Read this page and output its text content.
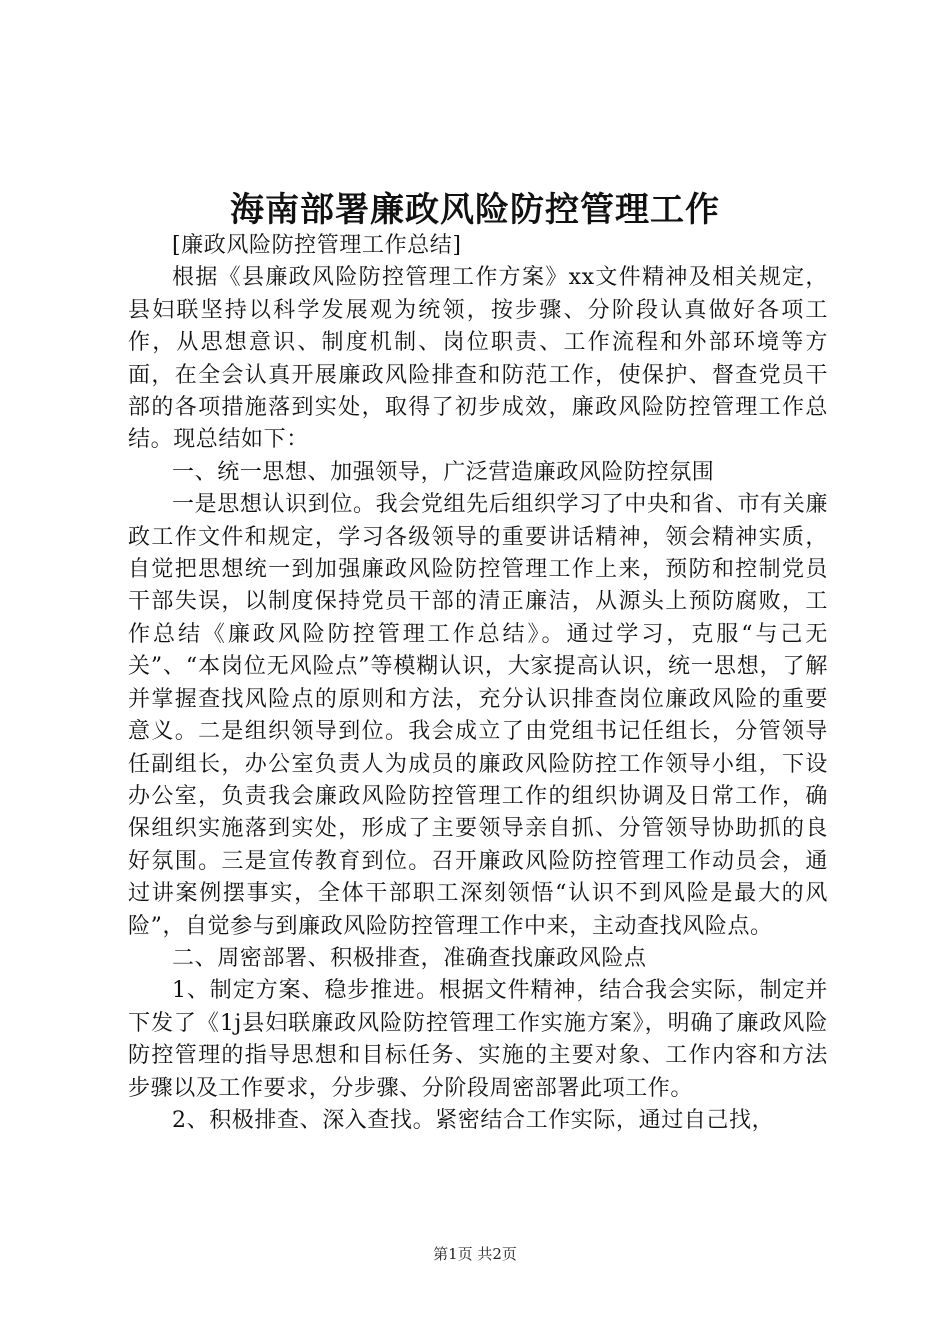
海南部署廉政风险防控管理工作

[廉政风险防控管理工作总结]

根据《县廉政风险防控管理工作方案》xx文件精神及相关规定，县妇联坚持以科学发展观为统领，按步骤、分阶段认真做好各项工作，从思想意识、制度机制、岗位职责、工作流程和外部环境等方面，在全会认真开展廉政风险排查和防范工作，使保护、督查党员干部的各项措施落到实处，取得了初步成效，廉政风险防控管理工作总结。现总结如下：

一、统一思想、加强领导，广泛营造廉政风险防控氛围

一是思想认识到位。我会党组先后组织学习了中央和省、市有关廉政工作文件和规定，学习各级领导的重要讲话精神，领会精神实质，自觉把思想统一到加强廉政风险防控管理工作上来，预防和控制党员干部失误，以制度保持党员干部的清正廉洁，从源头上预防腐败，工作总结《廉政风险防控管理工作总结》。通过学习，克服“与己无关”、“本岗位无风险点”等模糊认识，大家提高认识，统一思想，了解并掌握查找风险点的原则和方法，充分认识排查岗位廉政风险的重要意义。二是组织领导到位。我会成立了由党组书记任组长，分管领导任副组长，办公室负责人为成员的廉政风险防控工作领导小组，下设办公室，负责我会廉政风险防控管理工作的组织协调及日常工作，确保组织实施落到实处，形成了主要领导亲自抓、分管领导协助抓的良好氛围。三是宣传教育到位。召开廉政风险防控管理工作动员会，通过讲案例摆事实，全体干部职工深刻领悟“认识不到风险是最大的风险”，自觉参与到廉政风险防控管理工作中来，主动查找风险点。

二、周密部署、积极排查，准确查找廉政风险点

1、制定方案、稳步推进。根据文件精神，结合我会实际，制定并下发了《1j县妇联廉政风险防控管理工作实施方案》，明确了廉政风险防控管理的指导思想和目标任务、实施的主要对象、工作内容和方法步骤以及工作要求，分步骤、分阶段周密部署此项工作。

2、积极排查、深入查找。紧密结合工作实际，通过自己找，

第1页 共2页
